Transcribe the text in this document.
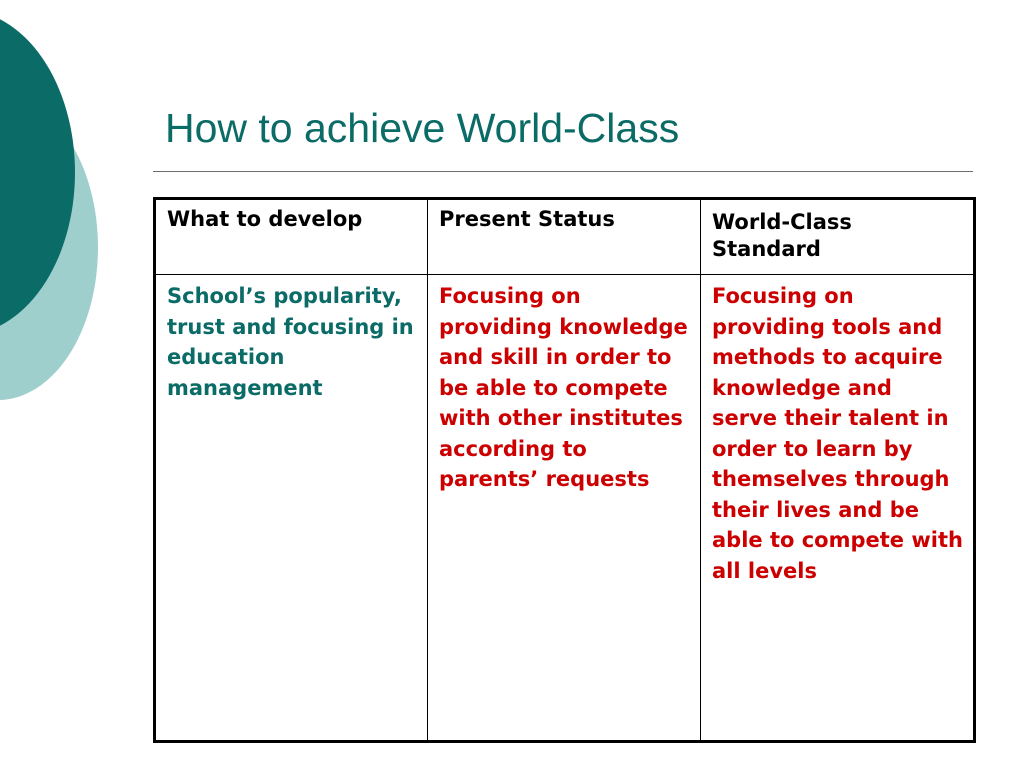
How to achieve World-Class
What to develop	Present Status	World-Class Standard
School’s popularity, trust and focusing in education management	Focusing on providing knowledge and skill in order to be able to compete with other institutes according to parents’ requests	Focusing on providing tools and methods to acquire knowledge and serve their talent in order to learn by themselves through their lives and be able to compete with all levels
